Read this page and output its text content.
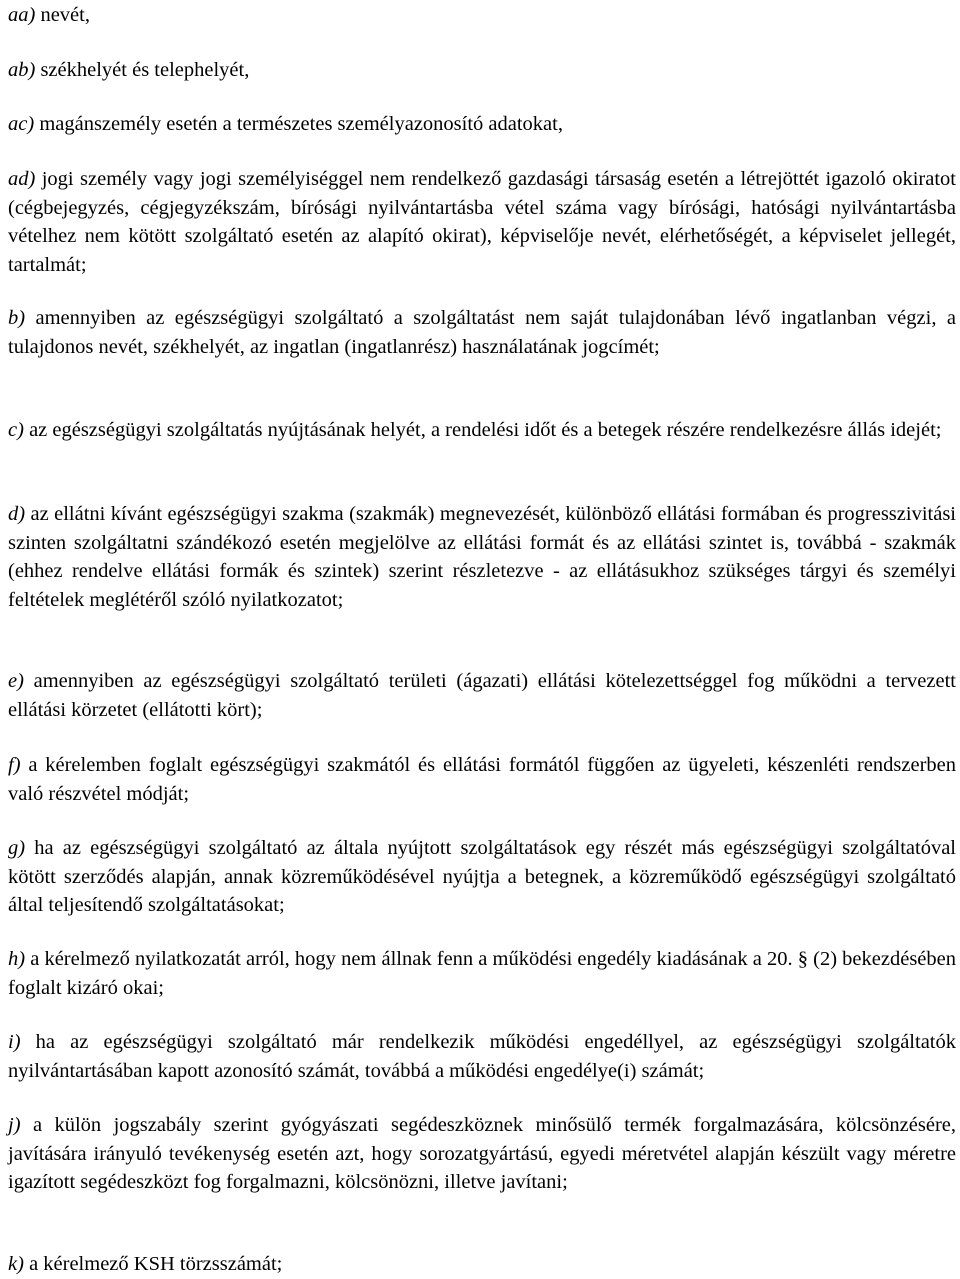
aa) nevét,

ab) székhelyét és telephelyét,

ac) magánszemély esetén a természetes személyazonosító adatokat,

ad) jogi személy vagy jogi személyiséggel nem rendelkező gazdasági társaság esetén a létrejöttét igazoló okiratot (cégbejegyzés, cégjegyzékszám, bírósági nyilvántartásba vétel száma vagy bírósági, hatósági nyilvántartásba vételhez nem kötött szolgáltató esetén az alapító okirat), képviselője nevét, elérhetőségét, a képviselet jellegét, tartalmát;

b) amennyiben az egészségügyi szolgáltató a szolgáltatást nem saját tulajdonában lévő ingatlanban végzi, a tulajdonos nevét, székhelyét, az ingatlan (ingatlanrész) használatának jogcímét;

c) az egészségügyi szolgáltatás nyújtásának helyét, a rendelési időt és a betegek részére rendelkezésre állás idejét;

d) az ellátni kívánt egészségügyi szakma (szakmák) megnevezését, különböző ellátási formában és progresszivitási szinten szolgáltatni szándékozó esetén megjelölve az ellátási formát és az ellátási szintet is, továbbá - szakmák (ehhez rendelve ellátási formák és szintek) szerint részletezve - az ellátásukhoz szükséges tárgyi és személyi feltételek meglétéről szóló nyilatkozatot;

e) amennyiben az egészségügyi szolgáltató területi (ágazati) ellátási kötelezettséggel fog működni a tervezett ellátási körzetet (ellátotti kört);

f) a kérelemben foglalt egészségügyi szakmától és ellátási formától függően az ügyeleti, készenléti rendszerben való részvétel módját;

g) ha az egészségügyi szolgáltató az általa nyújtott szolgáltatások egy részét más egészségügyi szolgáltatóval kötött szerződés alapján, annak közreműködésével nyújtja a betegnek, a közreműködő egészségügyi szolgáltató által teljesítendő szolgáltatásokat;

h) a kérelmező nyilatkozatát arról, hogy nem állnak fenn a működési engedély kiadásának a 20. § (2) bekezdésében foglalt kizáró okai;

i) ha az egészségügyi szolgáltató már rendelkezik működési engedéllyel, az egészségügyi szolgáltatók nyilvántartásában kapott azonosító számát, továbbá a működési engedélye(i) számát;

j) a külön jogszabály szerint gyógyászati segédeszköznek minősülő termék forgalmazására, kölcsönzésére, javítására irányuló tevékenység esetén azt, hogy sorozatgyártású, egyedi méretvétel alapján készült vagy méretre igazított segédeszközt fog forgalmazni, kölcsönözni, illetve javítani;

k) a kérelmező KSH törzsszámát;
